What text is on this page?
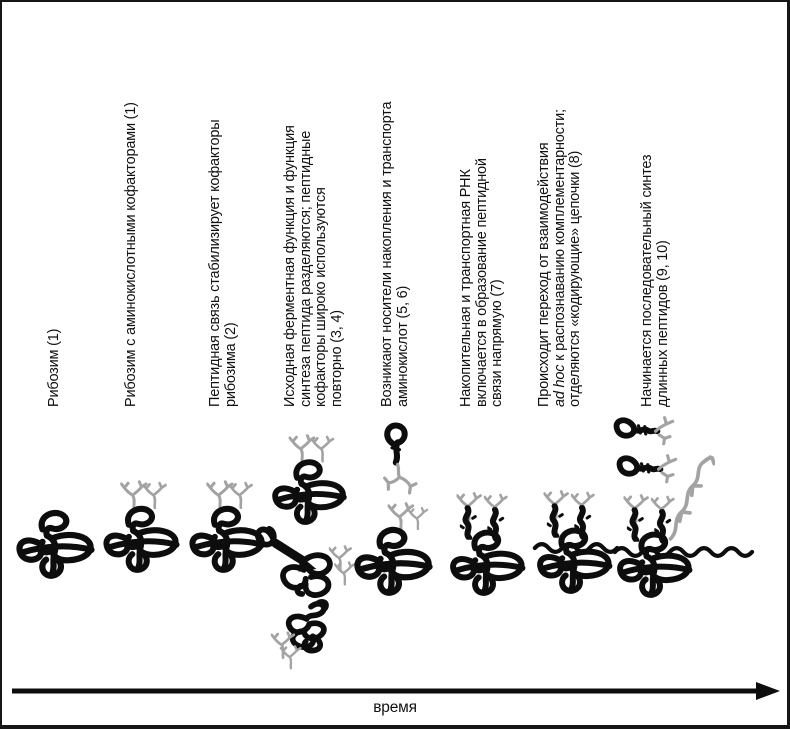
Рибозим (1)	Рибозим с аминокислотными кофакторами (1)	Пептидная связь стабилизирует кофакторы рибозима (2)	Исходная ферментная функция и функция синтеза пептида разделяются; пептидные кофакторы широко используются повторно (3, 4) Возникают носители накопления и транспорта аминокислот (5, 6)	Накопительная и транспортная РНК включается в образование пептидной связи напрямую (7) Происходит переход от взаимодействия ad hoc к распознаванию комплементарности; отделяются «кодирующие» цепочки (8)	Начинается последовательный синтез длинных пептидов (9, 10)
время
